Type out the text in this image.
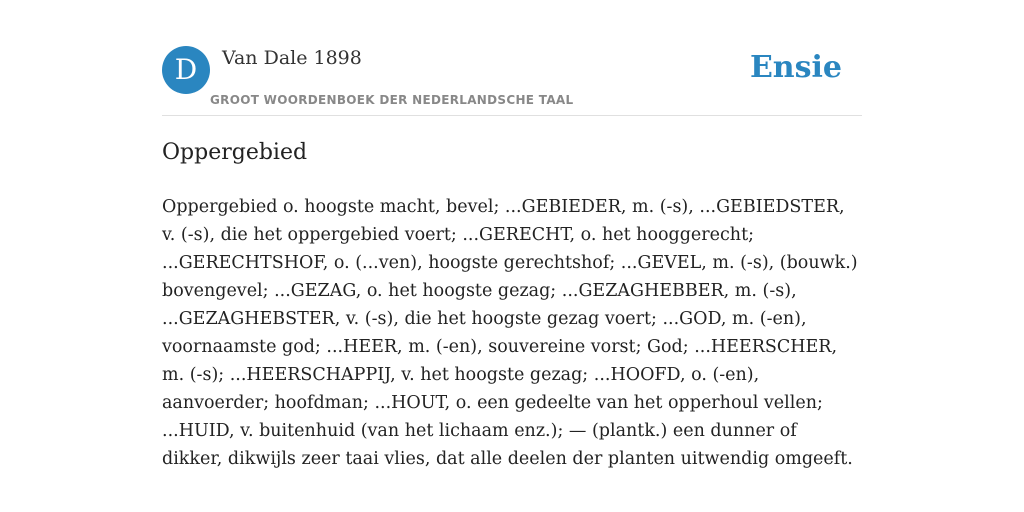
D	Van Dale 1898
GROOT WOORDENBOEK DER NEDERLANDSCHE TAAL
Ensie
Oppergebied

Oppergebied o. hoogste macht, bevel; ...GEBIEDER, m. (-s), ...GEBIEDSTER, v. (-s), die het oppergebied voert; ...GERECHT, o. het hooggerecht; ...GERECHTSHOF, o. (...ven), hoogste gerechtshof; ...GEVEL, m. (-s), (bouwk.) bovengevel; ...GEZAG, o. het hoogste gezag; ...GEZAGHEBBER, m. (-s), ...GEZAGHEBSTER, v. (-s), die het hoogste gezag voert; ...GOD, m. (-en), voornaamste god; ...HEER, m. (-en), souvereine vorst; God; ...HEERSCHER, m. (-s); ...HEERSCHAPPIJ, v. het hoogste gezag; ...HOOFD, o. (-en), aanvoerder; hoofdman; ...HOUT, o. een gedeelte van het opperhoul vellen; ...HUID, v. buitenhuid (van het lichaam enz.); — (plantk.) een dunner of dikker, dikwijls zeer taai vlies, dat alle deelen der planten uitwendig omgeeft.
